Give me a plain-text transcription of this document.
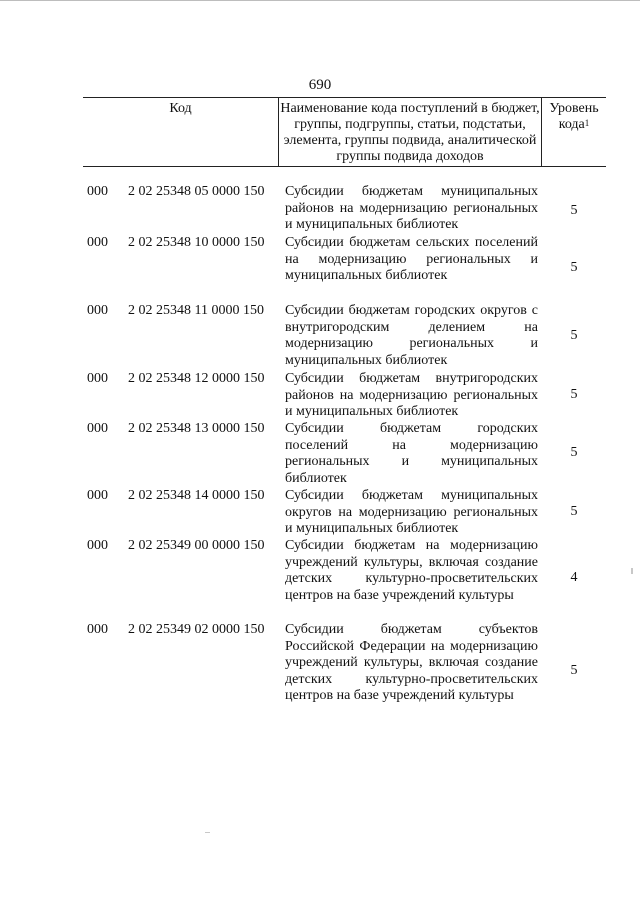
690
Код	Наименование кода поступлений в бюджет, группы, подгруппы, статьи, подстатьи, элемента, группы подвида, аналитической группы подвида доходов
Уровень кода$^1$
000 2 02 25348 05 0000 150 Субсидии бюджетам муниципальных районов на модернизацию региональных и муниципальных библиотек
5
000 2 02 25348 10 0000 150 Субсидии бюджетам сельских поселений на модернизацию региональных и муниципальных библиотек
5
000 2 02 25348 11 0000 150 Субсидии бюджетам городских округов с внутригородским делением на модернизацию региональных и муниципальных библиотек
5
000 2 02 25348 12 0000 150 Субсидии бюджетам внутригородских районов на модернизацию региональных и муниципальных библиотек
5
000 2 02 25348 13 0000 150 Субсидии бюджетам городских поселений на модернизацию региональных и муниципальных библиотек
5
000 2 02 25348 14 0000 150 Субсидии бюджетам муниципальных округов на модернизацию региональных и муниципальных библиотек
5
000 2 02 25349 00 0000 150 Субсидии бюджетам на модернизацию учреждений культуры, включая создание детских культурно-просветительских центров на базе учреждений культуры
4
000 2 02 25349 02 0000 150 Субсидии бюджетам субъектов Российской Федерации на модернизацию учреждений культуры, включая создание детских культурно-просветительских центров на базе учреждений культуры
5
